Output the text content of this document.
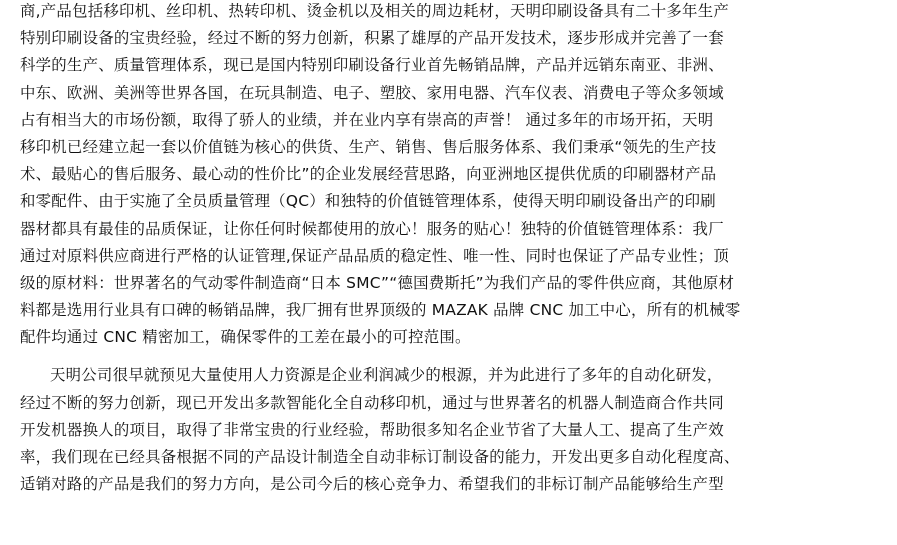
商,产品包括移印机、丝印机、热转印机、烫金机以及相关的周边耗材，天明印刷设备具有二十多年生产
特别印刷设备的宝贵经验，经过不断的努力创新，积累了雄厚的产品开发技术，逐步形成并完善了一套
科学的生产、质量管理体系，现已是国内特别印刷设备行业首先畅销品牌，产品并远销东南亚、非洲、
中东、欧洲、美洲等世界各国，在玩具制造、电子、塑胶、家用电器、汽车仪表、消费电子等众多领域
占有相当大的市场份额，取得了骄人的业绩，并在业内享有崇高的声誉！ 通过多年的市场开拓，天明
移印机已经建立起一套以价值链为核心的供货、生产、销售、售后服务体系、我们秉承“领先的生产技
术、最贴心的售后服务、最心动的性价比”的企业发展经营思路，向亚洲地区提供优质的印刷器材产品
和零配件、由于实施了全员质量管理（QC）和独特的价值链管理体系，使得天明印刷设备出产的印刷
器材都具有最佳的品质保证，让你任何时候都使用的放心！服务的贴心！独特的价值链管理体系：我厂
通过对原料供应商进行严格的认证管理,保证产品品质的稳定性、唯一性、同时也保证了产品专业性；顶
级的原材料：世界著名的气动零件制造商“日本 SMC”“德国费斯托”为我们产品的零件供应商，其他原材
料都是选用行业具有口碑的畅销品牌，我厂拥有世界顶级的 MAZAK 品牌 CNC 加工中心，所有的机械零
配件均通过 CNC 精密加工，确保零件的工差在最小的可控范围。
天明公司很早就预见大量使用人力资源是企业利润减少的根源，并为此进行了多年的自动化研发，
经过不断的努力创新，现已开发出多款智能化全自动移印机，通过与世界著名的机器人制造商合作共同
开发机器换人的项目，取得了非常宝贵的行业经验，帮助很多知名企业节省了大量人工、提高了生产效
率，我们现在已经具备根据不同的产品设计制造全自动非标订制设备的能力，开发出更多自动化程度高、
适销对路的产品是我们的努力方向，是公司今后的核心竞争力、希望我们的非标订制产品能够给生产型
